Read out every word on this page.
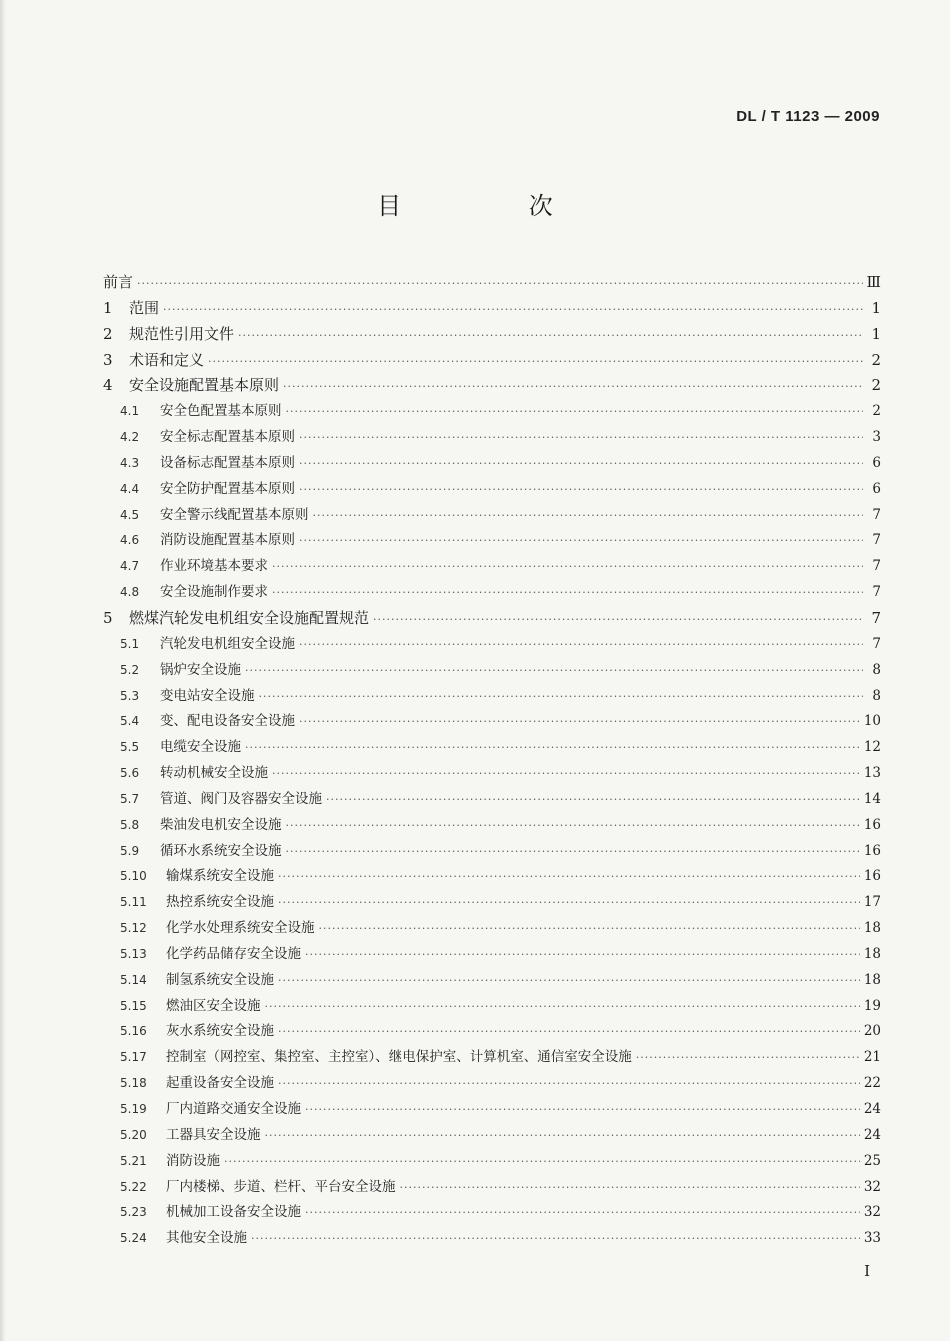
DL / T 1123 — 2009
目 次
前言 ·····	Ⅲ
1	范围 ·····	1
2	规范性引用文件 ·····	1
3	术语和定义 ·····	2
4	安全设施配置基本原则 ·····	2
4.1	安全色配置基本原则 ·····	2
4.2	安全标志配置基本原则 ·····	3
4.3	设备标志配置基本原则 ·····	6
4.4	安全防护配置基本原则 ·····	6
4.5	安全警示线配置基本原则 ·····	7
4.6	消防设施配置基本原则 ·····	7
4.7	作业环境基本要求 ·····	7
4.8	安全设施制作要求 ·····	7
5	燃煤汽轮发电机组安全设施配置规范 ·····	7
5.1	汽轮发电机组安全设施 ·····	7
5.2	锅炉安全设施 ·····	8
5.3	变电站安全设施 ·····	8
5.4	变、配电设备安全设施 ·····	10
5.5	电缆安全设施 ·····	12
5.6	转动机械安全设施 ·····	13
5.7	管道、阀门及容器安全设施 ·····	14
5.8	柴油发电机安全设施 ·····	16
5.9	循环水系统安全设施 ·····	16
5.10	输煤系统安全设施 ·····	16
5.11	热控系统安全设施 ·····	17
5.12	化学水处理系统安全设施 ·····	18
5.13	化学药品储存安全设施 ·····	18
5.14	制氢系统安全设施 ·····	18
5.15	燃油区安全设施 ·····	19
5.16	灰水系统安全设施 ·····	20
5.17	控制室（网控室、集控室、主控室）、继电保护室、计算机室、通信室安全设施 ·····	21
5.18	起重设备安全设施 ·····	22
5.19	厂内道路交通安全设施 ·····	24
5.20	工器具安全设施 ·····	24
5.21	消防设施 ·····	25
5.22	厂内楼梯、步道、栏杆、平台安全设施 ·····	32
5.23	机械加工设备安全设施 ·····	32
5.24	其他安全设施 ·····	33
Ⅰ
